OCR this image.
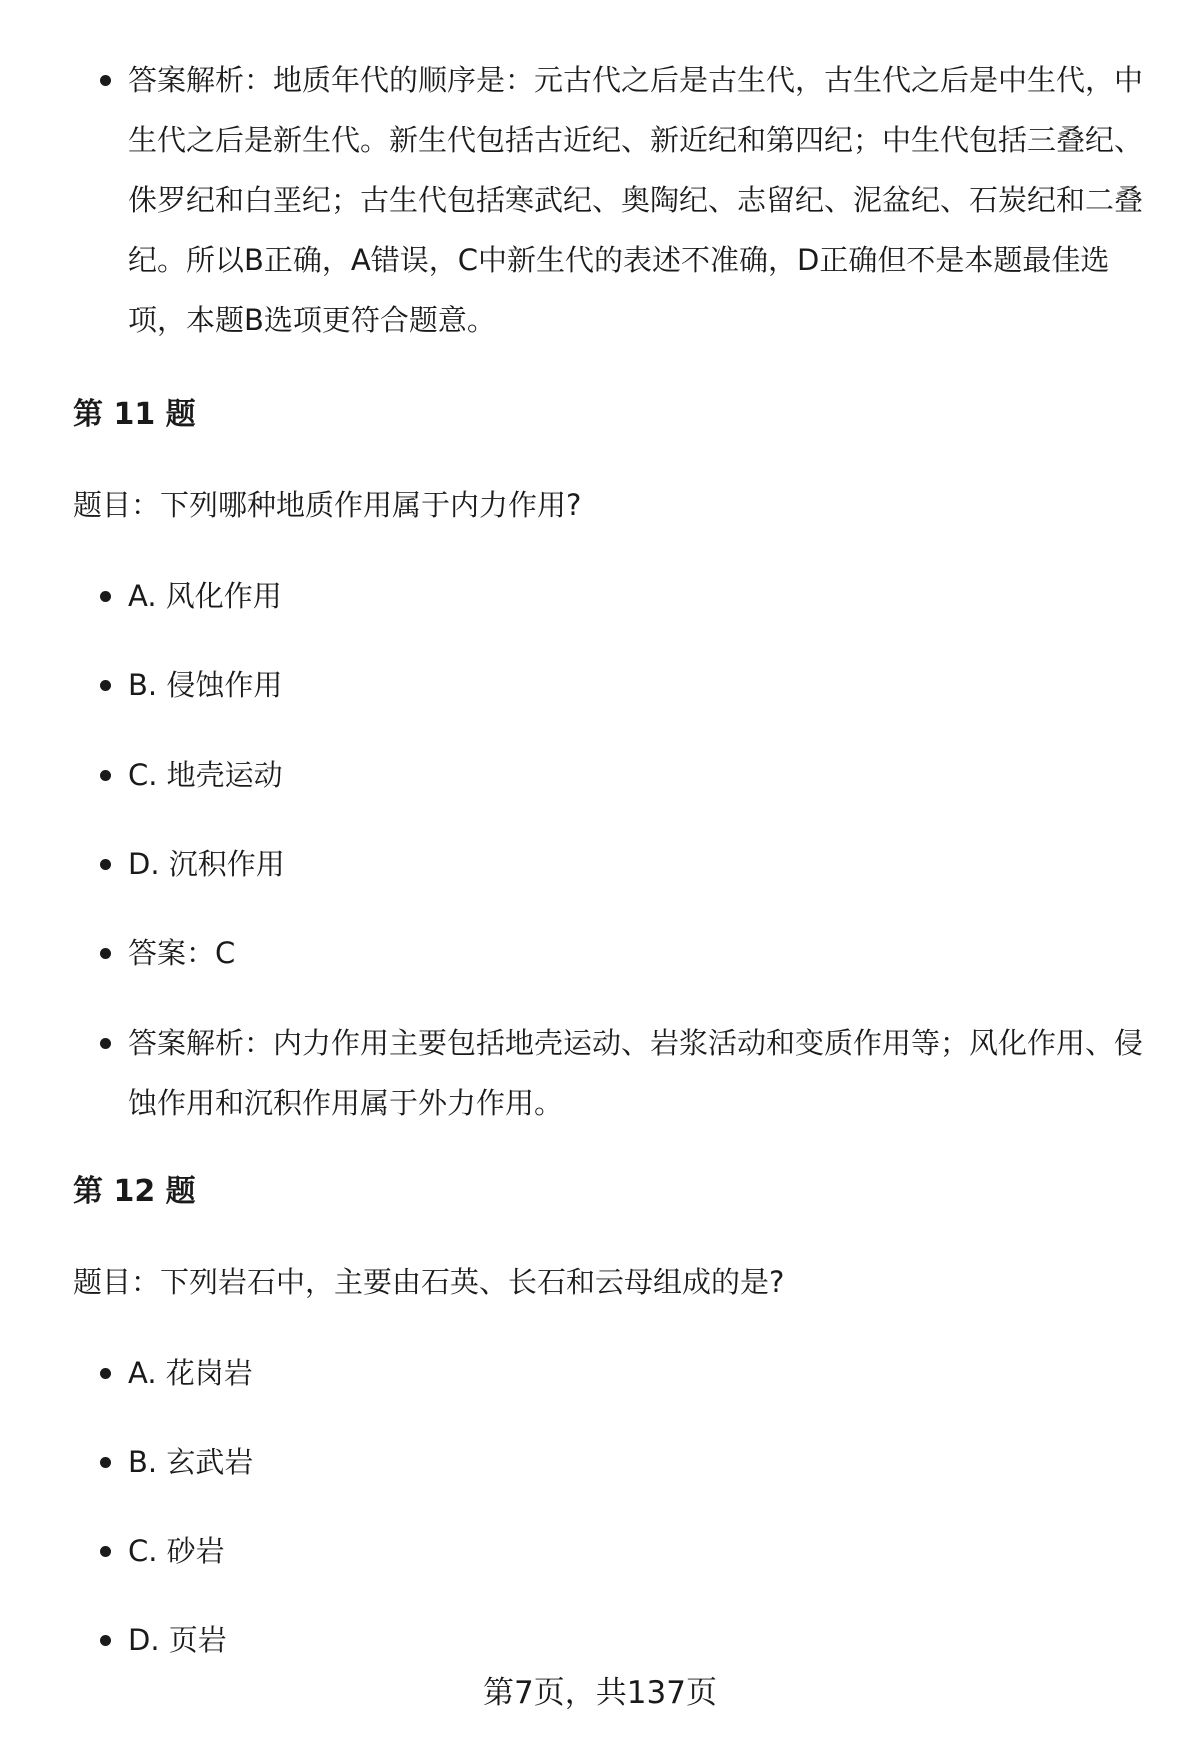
答案解析：地质年代的顺序是：元古代之后是古生代，古生代之后是中生代，中生代之后是新生代。新生代包括古近纪、新近纪和第四纪；中生代包括三叠纪、侏罗纪和白垩纪；古生代包括寒武纪、奥陶纪、志留纪、泥盆纪、石炭纪和二叠纪。所以B正确，A错误，C中新生代的表述不准确，D正确但不是本题最佳选项，本题B选项更符合题意。
第 11 题
题目：下列哪种地质作用属于内力作用?
A. 风化作用
B. 侵蚀作用
C. 地壳运动
D. 沉积作用
答案：C
答案解析：内力作用主要包括地壳运动、岩浆活动和变质作用等；风化作用、侵蚀作用和沉积作用属于外力作用。
第 12 题
题目：下列岩石中，主要由石英、长石和云母组成的是?
A. 花岗岩
B. 玄武岩
C. 砂岩
D. 页岩
第7页，共137页
